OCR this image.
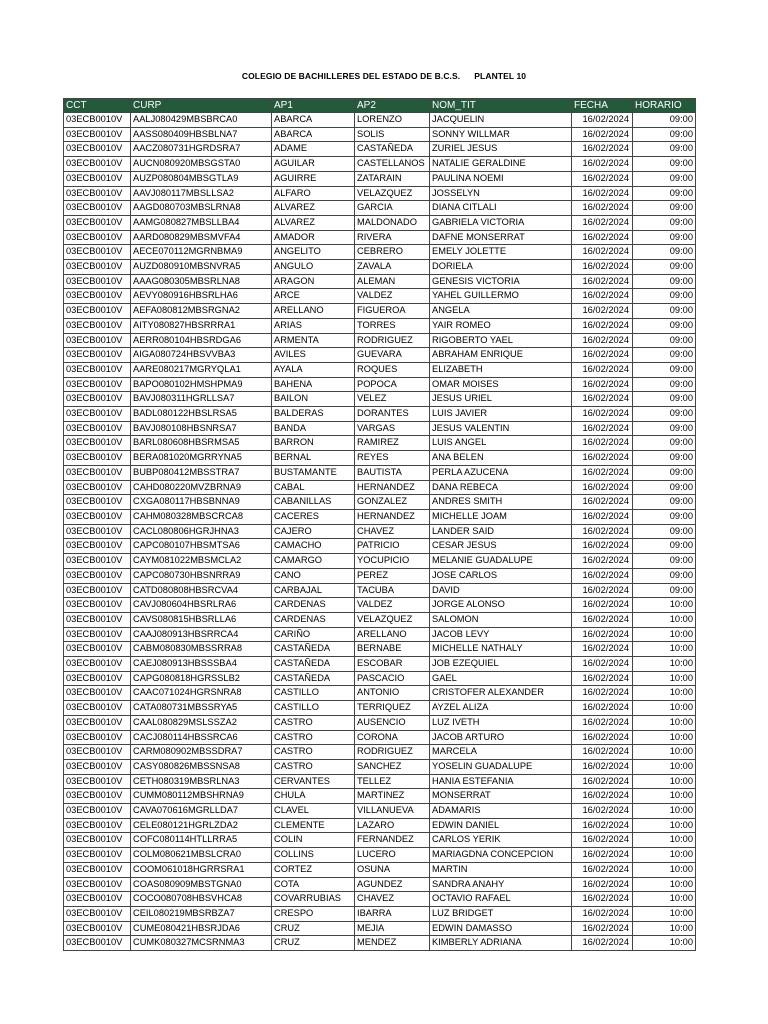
COLEGIO DE BACHILLERES DEL ESTADO DE B.C.S. PLANTEL 10
CCT	CURP	AP1	AP2	NOM_TIT	FECHA	HORARIO
03ECB0010V	AALJ080429MBSBRCA0	ABARCA	LORENZO	JACQUELIN	16/02/2024	09:00
03ECB0010V	AASS080409HBSBLNA7	ABARCA	SOLIS	SONNY WILLMAR	16/02/2024	09:00
03ECB0010V	AACZ080731HGRDSRA7	ADAME	CASTAÑEDA	ZURIEL JESUS	16/02/2024	09:00
03ECB0010V	AUCN080920MBSGSTA0	AGUILAR	CASTELLANOS	NATALIE GERALDINE	16/02/2024	09:00
03ECB0010V	AUZP080804MBSGTLA9	AGUIRRE	ZATARAIN	PAULINA NOEMI	16/02/2024	09:00
03ECB0010V	AAVJ080117MBSLLSA2	ALFARO	VELAZQUEZ	JOSSELYN	16/02/2024	09:00
03ECB0010V	AAGD080703MBSLRNA8	ALVAREZ	GARCIA	DIANA CITLALI	16/02/2024	09:00
03ECB0010V	AAMG080827MBSLLBA4	ALVAREZ	MALDONADO	GABRIELA VICTORIA	16/02/2024	09:00
03ECB0010V	AARD080829MBSMVFA4	AMADOR	RIVERA	DAFNE MONSERRAT	16/02/2024	09:00
03ECB0010V	AECE070112MGRNBMA9	ANGELITO	CEBRERO	EMELY JOLETTE	16/02/2024	09:00
03ECB0010V	AUZD080910MBSNVRA5	ANGULO	ZAVALA	DORIELA	16/02/2024	09:00
03ECB0010V	AAAG080305MBSRLNA8	ARAGON	ALEMAN	GENESIS VICTORIA	16/02/2024	09:00
03ECB0010V	AEVY080916HBSRLHA6	ARCE	VALDEZ	YAHEL GUILLERMO	16/02/2024	09:00
03ECB0010V	AEFA080812MBSRGNA2	ARELLANO	FIGUEROA	ANGELA	16/02/2024	09:00
03ECB0010V	AITY080827HBSRRRA1	ARIAS	TORRES	YAIR ROMEO	16/02/2024	09:00
03ECB0010V	AERR080104HBSRDGA6	ARMENTA	RODRIGUEZ	RIGOBERTO YAEL	16/02/2024	09:00
03ECB0010V	AIGA080724HBSVVBA3	AVILES	GUEVARA	ABRAHAM ENRIQUE	16/02/2024	09:00
03ECB0010V	AARE080217MGRYQLA1	AYALA	ROQUES	ELIZABETH	16/02/2024	09:00
03ECB0010V	BAPO080102HMSHPMA9	BAHENA	POPOCA	OMAR MOISES	16/02/2024	09:00
03ECB0010V	BAVJ080311HGRLLSA7	BAILON	VELEZ	JESUS URIEL	16/02/2024	09:00
03ECB0010V	BADL080122HBSLRSA5	BALDERAS	DORANTES	LUIS JAVIER	16/02/2024	09:00
03ECB0010V	BAVJ080108HBSNRSA7	BANDA	VARGAS	JESUS VALENTIN	16/02/2024	09:00
03ECB0010V	BARL080608HBSRMSA5	BARRON	RAMIREZ	LUIS ANGEL	16/02/2024	09:00
03ECB0010V	BERA081020MGRRYNA5	BERNAL	REYES	ANA BELEN	16/02/2024	09:00
03ECB0010V	BUBP080412MBSSTRA7	BUSTAMANTE	BAUTISTA	PERLA AZUCENA	16/02/2024	09:00
03ECB0010V	CAHD080220MVZBRNA9	CABAL	HERNANDEZ	DANA REBECA	16/02/2024	09:00
03ECB0010V	CXGA080117HBSBNNA9	CABANILLAS	GONZALEZ	ANDRES SMITH	16/02/2024	09:00
03ECB0010V	CAHM080328MBSCRCA8	CACERES	HERNANDEZ	MICHELLE JOAM	16/02/2024	09:00
03ECB0010V	CACL080806HGRJHNA3	CAJERO	CHAVEZ	LANDER SAID	16/02/2024	09:00
03ECB0010V	CAPC080107HBSMTSA6	CAMACHO	PATRICIO	CESAR JESUS	16/02/2024	09:00
03ECB0010V	CAYM081022MBSMCLA2	CAMARGO	YOCUPICIO	MELANIE GUADALUPE	16/02/2024	09:00
03ECB0010V	CAPC080730HBSNRRA9	CANO	PEREZ	JOSE CARLOS	16/02/2024	09:00
03ECB0010V	CATD080808HBSRCVA4	CARBAJAL	TACUBA	DAVID	16/02/2024	09:00
03ECB0010V	CAVJ080604HBSRLRA6	CARDENAS	VALDEZ	JORGE ALONSO	16/02/2024	10:00
03ECB0010V	CAVS080815HBSRLLA6	CARDENAS	VELAZQUEZ	SALOMON	16/02/2024	10:00
03ECB0010V	CAAJ080913HBSRRCA4	CARIÑO	ARELLANO	JACOB LEVY	16/02/2024	10:00
03ECB0010V	CABM080830MBSSRRA8	CASTAÑEDA	BERNABE	MICHELLE NATHALY	16/02/2024	10:00
03ECB0010V	CAEJ080913HBSSSBA4	CASTAÑEDA	ESCOBAR	JOB EZEQUIEL	16/02/2024	10:00
03ECB0010V	CAPG080818HGRSSLB2	CASTAÑEDA	PASCACIO	GAEL	16/02/2024	10:00
03ECB0010V	CAAC071024HGRSNRA8	CASTILLO	ANTONIO	CRISTOFER ALEXANDER	16/02/2024	10:00
03ECB0010V	CATA080731MBSSRYA5	CASTILLO	TERRIQUEZ	AYZEL ALIZA	16/02/2024	10:00
03ECB0010V	CAAL080829MSLSSZA2	CASTRO	AUSENCIO	LUZ IVETH	16/02/2024	10:00
03ECB0010V	CACJ080114HBSSRCA6	CASTRO	CORONA	JACOB ARTURO	16/02/2024	10:00
03ECB0010V	CARM080902MBSSDRA7	CASTRO	RODRIGUEZ	MARCELA	16/02/2024	10:00
03ECB0010V	CASY080826MBSSNSA8	CASTRO	SANCHEZ	YOSELIN GUADALUPE	16/02/2024	10:00
03ECB0010V	CETH080319MBSRLNA3	CERVANTES	TELLEZ	HANIA ESTEFANIA	16/02/2024	10:00
03ECB0010V	CUMM080112MBSHRNA9	CHULA	MARTINEZ	MONSERRAT	16/02/2024	10:00
03ECB0010V	CAVA070616MGRLLDA7	CLAVEL	VILLANUEVA	ADAMARIS	16/02/2024	10:00
03ECB0010V	CELE080121HGRLZDA2	CLEMENTE	LAZARO	EDWIN DANIEL	16/02/2024	10:00
03ECB0010V	COFC080114HTLLRRA5	COLIN	FERNANDEZ	CARLOS YERIK	16/02/2024	10:00
03ECB0010V	COLM080621MBSLCRA0	COLLINS	LUCERO	MARIAGDNA CONCEPCION	16/02/2024	10:00
03ECB0010V	COOM061018HGRRSRA1	CORTEZ	OSUNA	MARTIN	16/02/2024	10:00
03ECB0010V	COAS080909MBSTGNA0	COTA	AGUNDEZ	SANDRA ANAHY	16/02/2024	10:00
03ECB0010V	COCO080708HBSVHCA8	COVARRUBIAS	CHAVEZ	OCTAVIO RAFAEL	16/02/2024	10:00
03ECB0010V	CEIL080219MBSRBZA7	CRESPO	IBARRA	LUZ BRIDGET	16/02/2024	10:00
03ECB0010V	CUME080421HBSRJDA6	CRUZ	MEJIA	EDWIN DAMASSO	16/02/2024	10:00
03ECB0010V	CUMK080327MCSRNMA3	CRUZ	MENDEZ	KIMBERLY ADRIANA	16/02/2024	10:00
